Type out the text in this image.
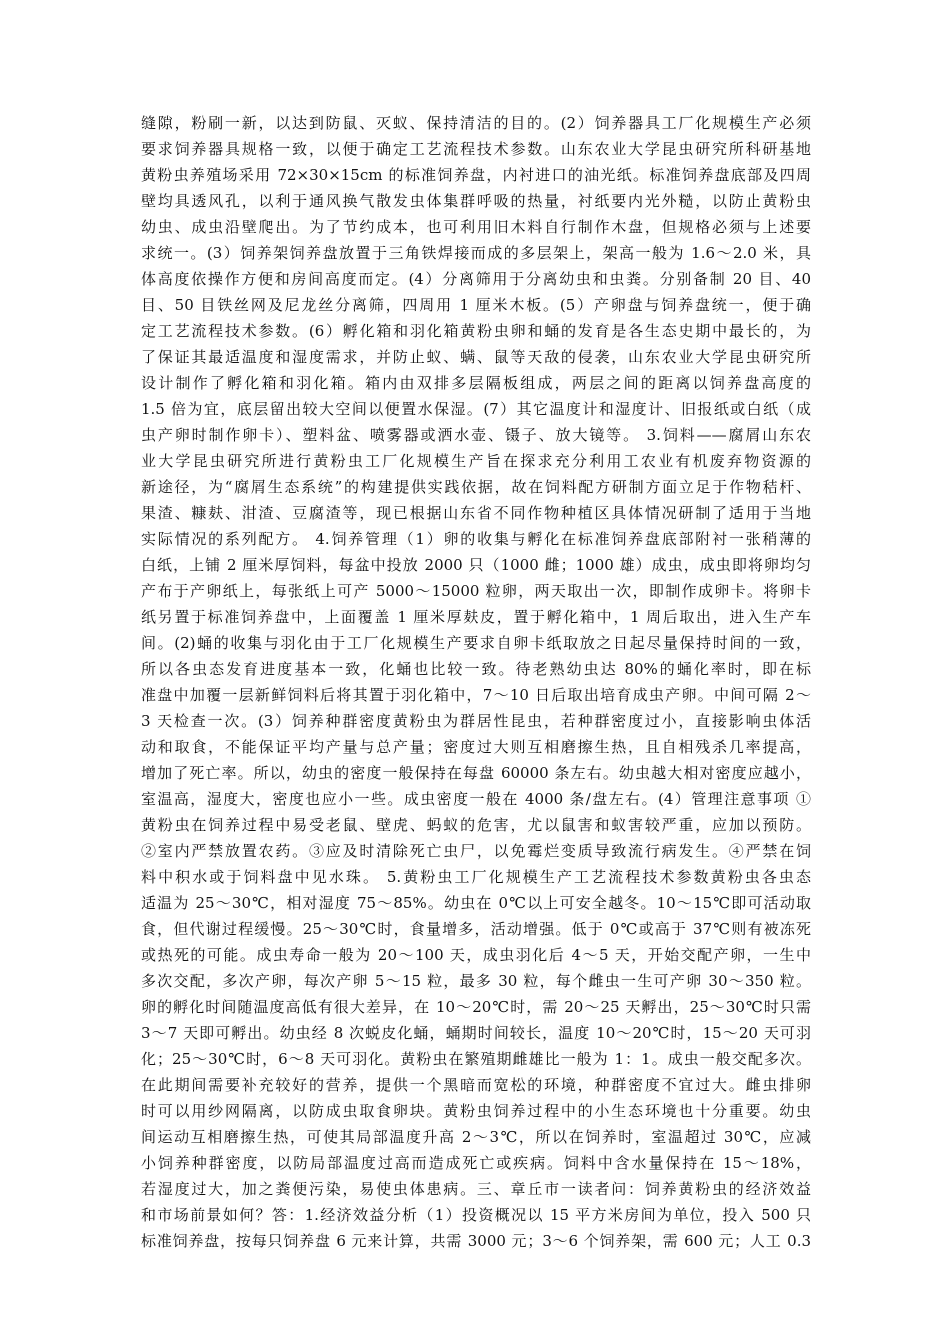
缝隙，粉刷一新，以达到防鼠、灭蚁、保持清洁的目的。(2）饲养器具工厂化规模生产必须
要求饲养器具规格一致，以便于确定工艺流程技术参数。山东农业大学昆虫研究所科研基地
黄粉虫养殖场采用 72×30×15cm 的标准饲养盘，内衬进口的油光纸。标准饲养盘底部及四周
壁均具透风孔，以利于通风换气散发虫体集群呼吸的热量，衬纸要内光外糙，以防止黄粉虫
幼虫、成虫沿壁爬出。为了节约成本，也可利用旧木料自行制作木盘，但规格必须与上述要
求统一。(3）饲养架饲养盘放置于三角铁焊接而成的多层架上，架高一般为 1.6～2.0 米，具
体高度依操作方便和房间高度而定。(4）分离筛用于分离幼虫和虫粪。分别备制 20 目、40
目、50 目铁丝网及尼龙丝分离筛，四周用 1 厘米木板。(5）产卵盘与饲养盘统一，便于确
定工艺流程技术参数。(6）孵化箱和羽化箱黄粉虫卵和蛹的发育是各生态史期中最长的，为
了保证其最适温度和湿度需求，并防止蚁、螨、鼠等天敌的侵袭，山东农业大学昆虫研究所
设计制作了孵化箱和羽化箱。箱内由双排多层隔板组成，两层之间的距离以饲养盘高度的
1.5 倍为宜，底层留出较大空间以便置水保湿。(7）其它温度计和湿度计、旧报纸或白纸（成
虫产卵时制作卵卡）、塑料盆、喷雾器或洒水壶、镊子、放大镜等。 3.饲料——腐屑山东农
业大学昆虫研究所进行黄粉虫工厂化规模生产旨在探求充分利用工农业有机废弃物资源的
新途径，为“腐屑生态系统”的构建提供实践依据，故在饲料配方研制方面立足于作物秸杆、
果渣、糠麸、泔渣、豆腐渣等，现已根据山东省不同作物种植区具体情况研制了适用于当地
实际情况的系列配方。 4.饲养管理（1）卵的收集与孵化在标准饲养盘底部附衬一张稍薄的
白纸，上铺 2 厘米厚饲料，每盆中投放 2000 只（1000 雌；1000 雄）成虫，成虫即将卵均匀
产布于产卵纸上，每张纸上可产 5000～15000 粒卵，两天取出一次，即制作成卵卡。将卵卡
纸另置于标准饲养盘中，上面覆盖 1 厘米厚麸皮，置于孵化箱中，1 周后取出，进入生产车
间。(2)蛹的收集与羽化由于工厂化规模生产要求自卵卡纸取放之日起尽量保持时间的一致，
所以各虫态发育进度基本一致，化蛹也比较一致。待老熟幼虫达 80%的蛹化率时，即在标
准盘中加覆一层新鲜饲料后将其置于羽化箱中，7～10 日后取出培育成虫产卵。中间可隔 2～
3 天检查一次。(3）饲养种群密度黄粉虫为群居性昆虫，若种群密度过小，直接影响虫体活
动和取食，不能保证平均产量与总产量；密度过大则互相磨擦生热，且自相残杀几率提高，
增加了死亡率。所以，幼虫的密度一般保持在每盘 60000 条左右。幼虫越大相对密度应越小，
室温高，湿度大，密度也应小一些。成虫密度一般在 4000 条/盘左右。(4）管理注意事项 ①
黄粉虫在饲养过程中易受老鼠、壁虎、蚂蚁的危害，尤以鼠害和蚁害较严重，应加以预防。
②室内严禁放置农药。③应及时清除死亡虫尸，以免霉烂变质导致流行病发生。④严禁在饲
料中积水或于饲料盘中见水珠。 5.黄粉虫工厂化规模生产工艺流程技术参数黄粉虫各虫态
适温为 25～30℃，相对湿度 75～85%。幼虫在 0℃以上可安全越冬。10～15℃即可活动取
食，但代谢过程缓慢。25～30℃时，食量增多，活动增强。低于 0℃或高于 37℃则有被冻死
或热死的可能。成虫寿命一般为 20～100 天，成虫羽化后 4～5 天，开始交配产卵，一生中
多次交配，多次产卵，每次产卵 5～15 粒，最多 30 粒，每个雌虫一生可产卵 30～350 粒。
卵的孵化时间随温度高低有很大差异，在 10～20℃时，需 20～25 天孵出，25～30℃时只需
3～7 天即可孵出。幼虫经 8 次蜕皮化蛹，蛹期时间较长，温度 10～20℃时，15～20 天可羽
化；25～30℃时，6～8 天可羽化。黄粉虫在繁殖期雌雄比一般为 1：1。成虫一般交配多次。
在此期间需要补充较好的营养，提供一个黑暗而宽松的环境，种群密度不宜过大。雌虫排卵
时可以用纱网隔离，以防成虫取食卵块。黄粉虫饲养过程中的小生态环境也十分重要。幼虫
间运动互相磨擦生热，可使其局部温度升高 2～3℃，所以在饲养时，室温超过 30℃，应减
小饲养种群密度，以防局部温度过高而造成死亡或疾病。饲料中含水量保持在 15～18%，
若湿度过大，加之粪便污染，易使虫体患病。三、章丘市一读者问：饲养黄粉虫的经济效益
和市场前景如何？答：1.经济效益分析（1）投资概况以 15 平方米房间为单位，投入 500 只
标准饲养盘，按每只饲养盘 6 元来计算，共需 3000 元；3～6 个饲养架，需 600 元；人工 0.3
